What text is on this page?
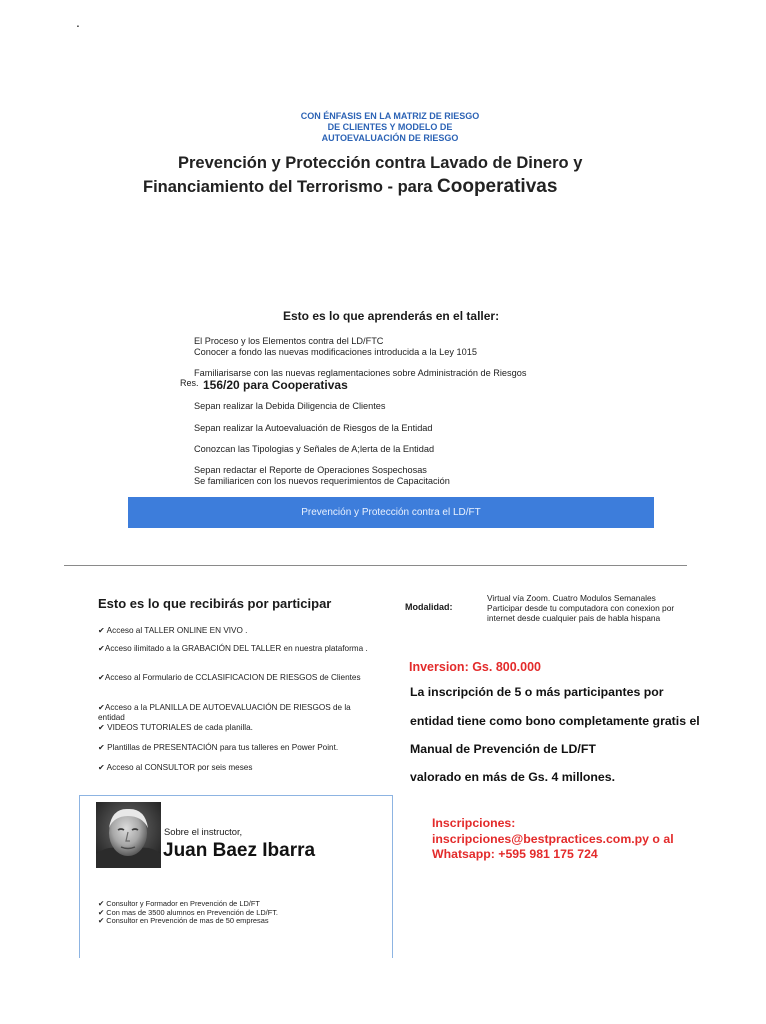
.
CON ÉNFASIS EN LA MATRIZ DE RIESGO
DE CLIENTES Y MODELO DE
AUTOEVALUACIÓN DE RIESGO
Prevención y Protección contra Lavado de Dinero y
Financiamiento del Terrorismo - para Cooperativas
Esto es lo que aprenderás en el taller:
El Proceso y los Elementos contra del LD/FTC
Conocer a fondo las nuevas modificaciones introducida a la Ley 1015
Familiarisarse con las nuevas reglamentaciones sobre Administración de Riesgos
Res. 156/20 para Cooperativas
Sepan realizar la Debida Diligencia de Clientes
Sepan realizar la Autoevaluación de Riesgos de la Entidad
Conozcan las Tipologias y Señales de A;lerta de la Entidad
Sepan redactar el Reporte de Operaciones Sospechosas
Se familiaricen con los nuevos requerimientos de Capacitación
Prevención y Protección contra el LD/FT
Esto es lo que recibirás por participar
✔ Acceso al TALLER ONLINE EN VIVO .
✔Acceso ilimitado a la GRABACIÓN DEL TALLER en nuestra plataforma .
✔Acceso al Formulario de CCLASIFICACION DE RIESGOS de Clientes
✔Acceso a la PLANILLA DE AUTOEVALUACIÓN DE RIESGOS de la entidad
✔ VIDEOS TUTORIALES de cada planilla.
✔ Plantillas de PRESENTACIÓN para tus talleres en Power Point.
✔ Acceso al CONSULTOR por seis meses
Modalidad:
Virtual vía Zoom. Cuatro Modulos Semanales
Participar desde tu computadora con conexion por
internet desde cualquier pais de habla hispana
Inversion: Gs. 800.000
La inscripción de 5 o más participantes por
entidad tiene como bono completamente gratis el
Manual de Prevención de LD/FT
valorado en más de Gs. 4 millones.
Sobre el instructor,
Juan Baez Ibarra
✔ Consultor y Formador en Prevención de LD/FT
✔ Con mas de 3500 alumnos en Prevención de LD/FT.
✔ Consultor en Prevención de mas de 50 empresas
Inscripciones:
inscripciones@bestpractices.com.py o al
Whatsapp: +595 981 175 724
